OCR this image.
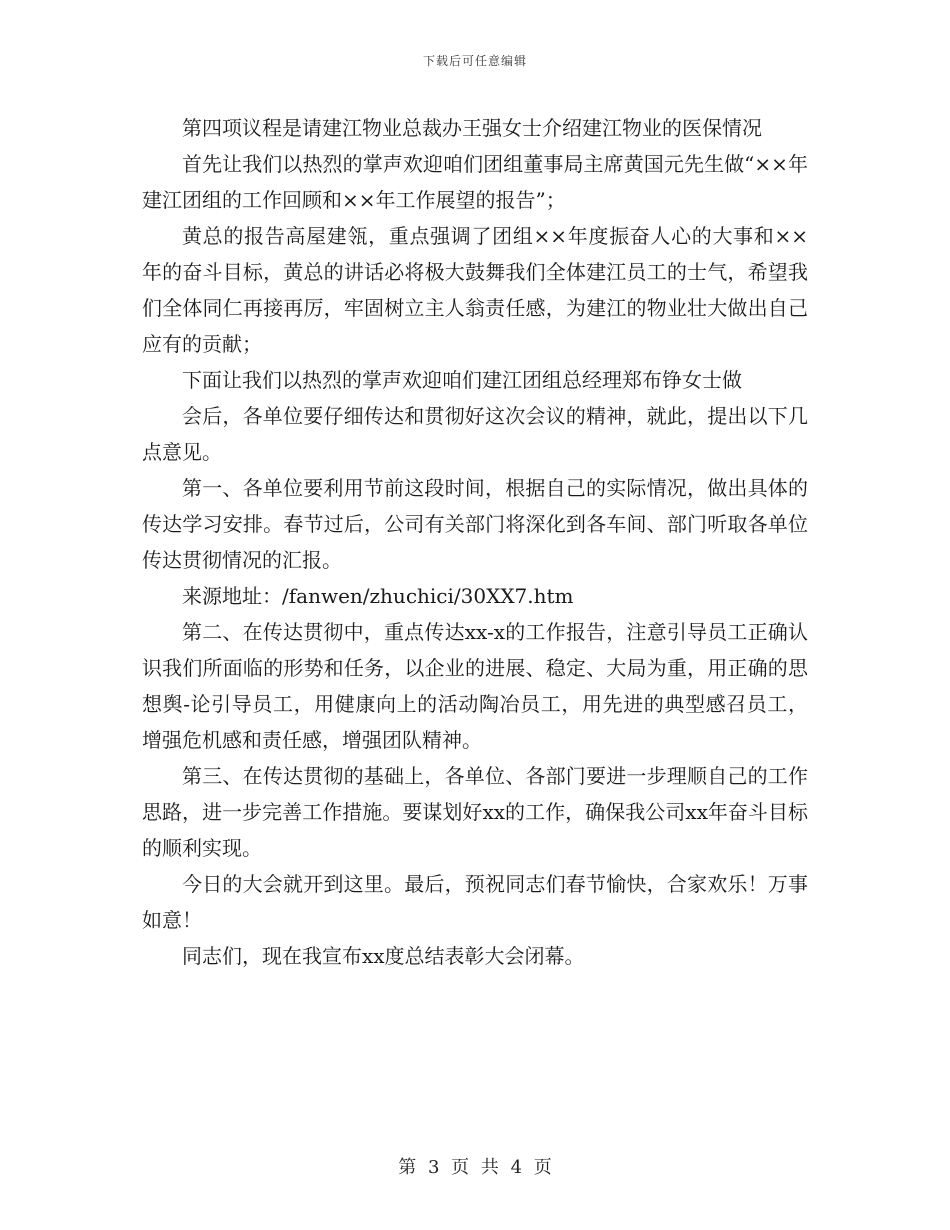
下载后可任意编辑

第四项议程是请建江物业总裁办王强女士介绍建江物业的医保情况

首先让我们以热烈的掌声欢迎咱们团组董事局主席黄国元先生做“××年建江团组的工作回顾和××年工作展望的报告”；

黄总的报告高屋建瓴，重点强调了团组××年度振奋人心的大事和××年的奋斗目标，黄总的讲话必将极大鼓舞我们全体建江员工的士气，希望我们全体同仁再接再厉，牢固树立主人翁责任感，为建江的物业壮大做出自己应有的贡献；

下面让我们以热烈的掌声欢迎咱们建江团组总经理郑布铮女士做

会后，各单位要仔细传达和贯彻好这次会议的精神，就此，提出以下几点意见。

第一、各单位要利用节前这段时间，根据自己的实际情况，做出具体的传达学习安排。春节过后，公司有关部门将深化到各车间、部门听取各单位传达贯彻情况的汇报。

来源地址：/fanwen/zhuchici/30XX7.htm

第二、在传达贯彻中，重点传达xx-x的工作报告，注意引导员工正确认识我们所面临的形势和任务，以企业的进展、稳定、大局为重，用正确的思想舆-论引导员工，用健康向上的活动陶冶员工，用先进的典型感召员工，增强危机感和责任感，增强团队精神。

第三、在传达贯彻的基础上，各单位、各部门要进一步理顺自己的工作思路，进一步完善工作措施。要谋划好xx的工作，确保我公司xx年奋斗目标的顺利实现。

今日的大会就开到这里。最后，预祝同志们春节愉快，合家欢乐！万事如意！

同志们，现在我宣布xx度总结表彰大会闭幕。

第 3 页 共 4 页
